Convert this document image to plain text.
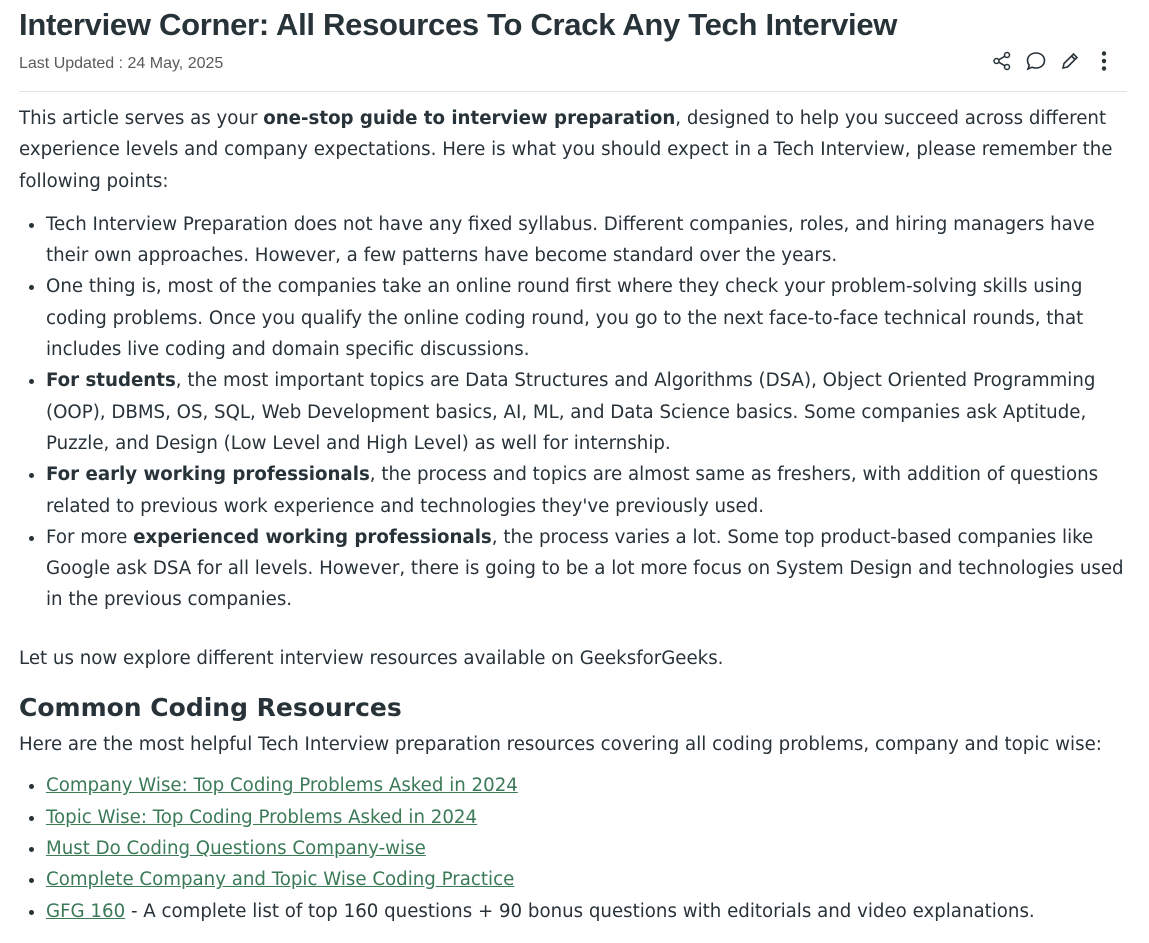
Interview Corner: All Resources To Crack Any Tech Interview
Last Updated : 24 May, 2025

This article serves as your one-stop guide to interview preparation, designed to help you succeed across different experience levels and company expectations. Here is what you should expect in a Tech Interview, please remember the following points:

• Tech Interview Preparation does not have any fixed syllabus. Different companies, roles, and hiring managers have their own approaches. However, a few patterns have become standard over the years.
• One thing is, most of the companies take an online round first where they check your problem-solving skills using coding problems. Once you qualify the online coding round, you go to the next face-to-face technical rounds, that includes live coding and domain specific discussions.
• For students, the most important topics are Data Structures and Algorithms (DSA), Object Oriented Programming (OOP), DBMS, OS, SQL, Web Development basics, AI, ML, and Data Science basics. Some companies ask Aptitude, Puzzle, and Design (Low Level and High Level) as well for internship.
• For early working professionals, the process and topics are almost same as freshers, with addition of questions related to previous work experience and technologies they've previously used.
• For more experienced working professionals, the process varies a lot. Some top product-based companies like Google ask DSA for all levels. However, there is going to be a lot more focus on System Design and technologies used in the previous companies.

Let us now explore different interview resources available on GeeksforGeeks.

Common Coding Resources

Here are the most helpful Tech Interview preparation resources covering all coding problems, company and topic wise:

• Company Wise: Top Coding Problems Asked in 2024
• Topic Wise: Top Coding Problems Asked in 2024
• Must Do Coding Questions Company-wise
• Complete Company and Topic Wise Coding Practice
• GFG 160 - A complete list of top 160 questions + 90 bonus questions with editorials and video explanations.
